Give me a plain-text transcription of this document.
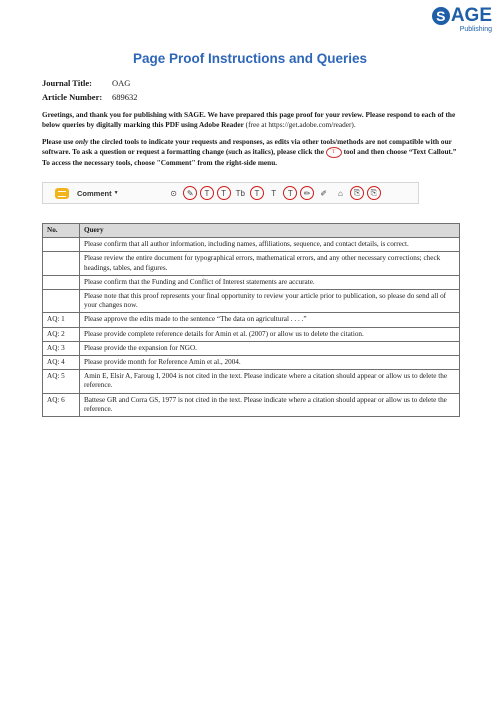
S AGE
Publishing
Page Proof Instructions and Queries
Journal Title: OAG
Article Number: 689632
Greetings, and thank you for publishing with SAGE. We have prepared this page proof for your review. Please respond to each of the below queries by digitally marking this PDF using Adobe Reader (free at https://get.adobe.com/reader).
Please use only the circled tools to indicate your requests and responses, as edits via other tools/methods are not compatible with our software. To ask a question or request a formatting change (such as italics), please click the T tool and then choose “Text Callout.” To access the necessary tools, choose "Comment" from the right-side menu.
Comment ▼	⊙	✎	T	T	Tb	T	T	T	✏	✐	⌂	⎘	⎘
No.	Query
	Please confirm that all author information, including names, affiliations, sequence, and contact details, is correct.
	Please review the entire document for typographical errors, mathematical errors, and any other necessary corrections; check headings, tables, and figures.
	Please confirm that the Funding and Conflict of Interest statements are accurate.
	Please note that this proof represents your final opportunity to review your article prior to publication, so please do send all of your changes now.
AQ: 1	Please approve the edits made to the sentence “The data on agricultural . . . .”
AQ: 2	Please provide complete reference details for Amin et al. (2007) or allow us to delete the citation.
AQ: 3	Please provide the expansion for NGO.
AQ: 4	Please provide month for Reference Amin et al., 2004.
AQ: 5	Amin E, Elsir A, Faroug I, 2004 is not cited in the text. Please indicate where a citation should appear or allow us to delete the reference.
AQ: 6	Battese GR and Corra GS, 1977 is not cited in the text. Please indicate where a citation should appear or allow us to delete the reference.
